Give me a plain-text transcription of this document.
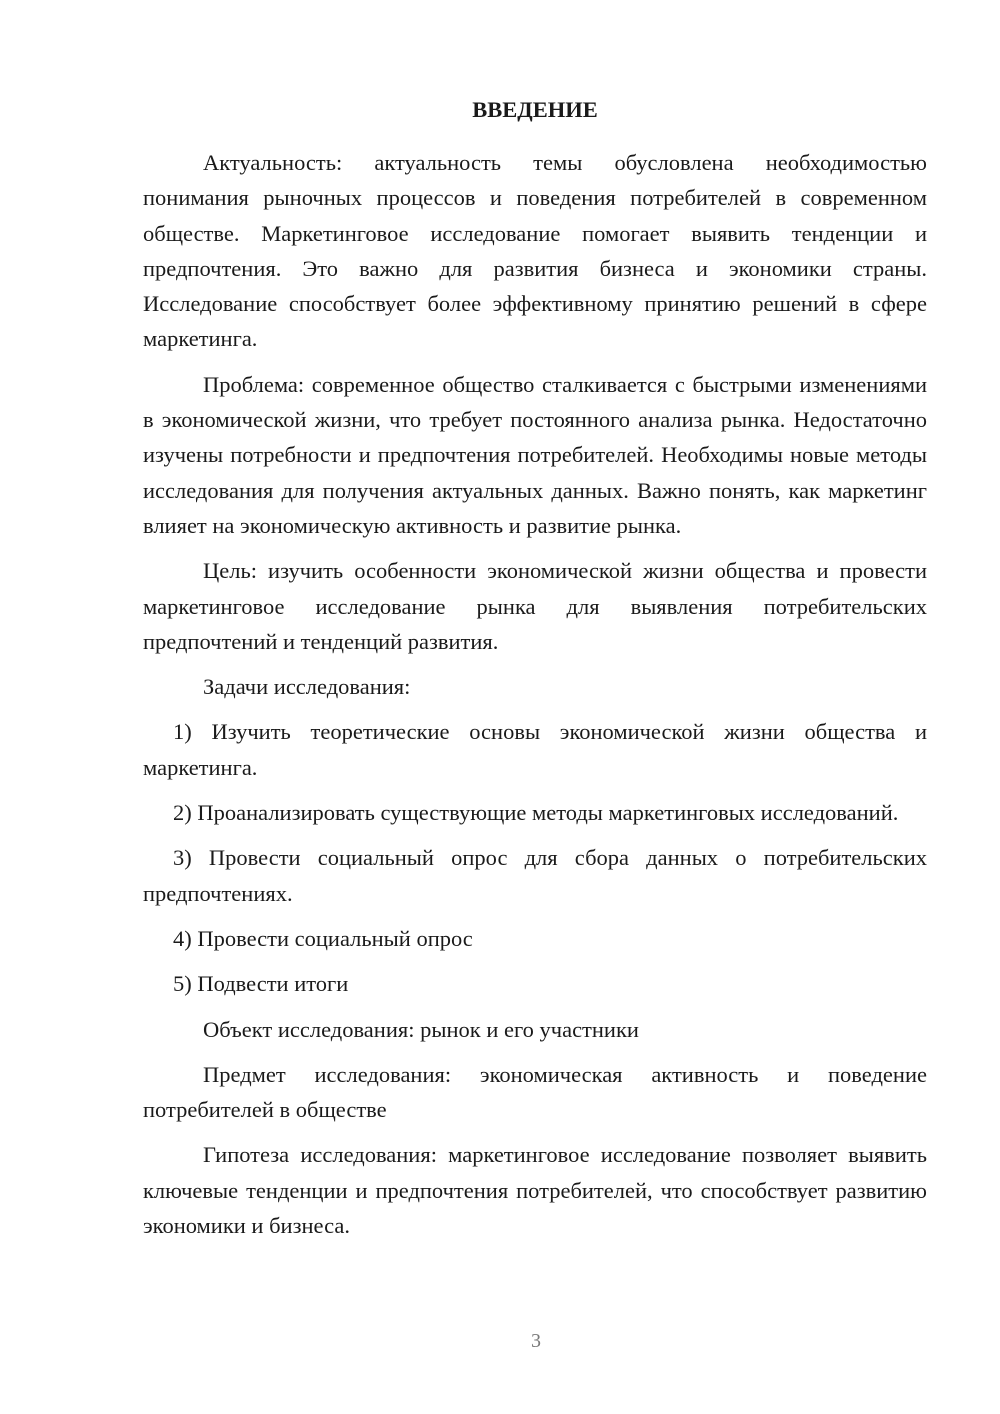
ВВЕДЕНИЕ
Актуальность: актуальность темы обусловлена необходимостью понимания рыночных процессов и поведения потребителей в современном обществе. Маркетинговое исследование помогает выявить тенденции и предпочтения. Это важно для развития бизнеса и экономики страны. Исследование способствует более эффективному принятию решений в сфере маркетинга.
Проблема: современное общество сталкивается с быстрыми изменениями в экономической жизни, что требует постоянного анализа рынка. Недостаточно изучены потребности и предпочтения потребителей. Необходимы новые методы исследования для получения актуальных данных. Важно понять, как маркетинг влияет на экономическую активность и развитие рынка.
Цель: изучить особенности экономической жизни общества и провести маркетинговое исследование рынка для выявления потребительских предпочтений и тенденций развития.
Задачи исследования:
1) Изучить теоретические основы экономической жизни общества и маркетинга.
2) Проанализировать существующие методы маркетинговых исследований.
3) Провести социальный опрос для сбора данных о потребительских предпочтениях.
4) Провести социальный опрос
5) Подвести итоги
Объект исследования: рынок и его участники
Предмет исследования: экономическая активность и поведение потребителей в обществе
Гипотеза исследования: маркетинговое исследование позволяет выявить ключевые тенденции и предпочтения потребителей, что способствует развитию экономики и бизнеса.
3
